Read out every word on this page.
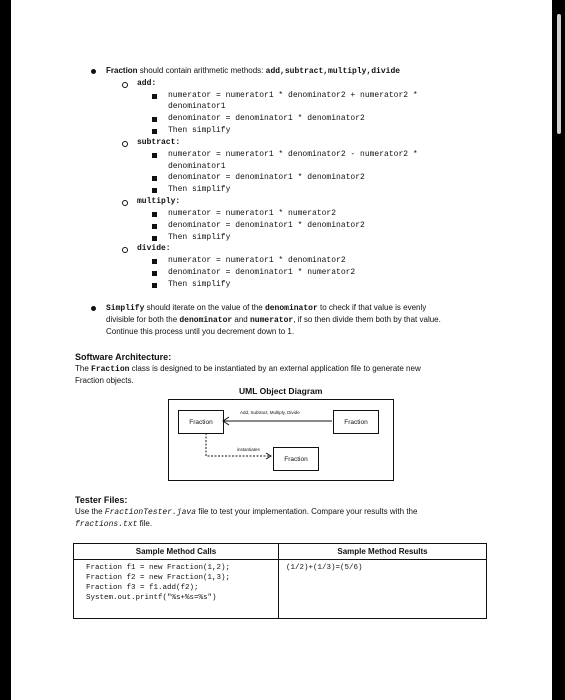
Fraction should contain arithmetic methods: add,subtract,multiply,divide
add:
numerator = numerator1 * denominator2 + numerator2 *
denominator1
denominator = denominator1 * denominator2
Then simplify
subtract:
numerator = numerator1 * denominator2 - numerator2 *
denominator1
denominator = denominator1 * denominator2
Then simplify
multiply:
numerator = numerator1 * numerator2
denominator = denominator1 * denominator2
Then simplify
divide:
numerator = numerator1 * denominator2
denominator = denominator1 * numerator2
Then simplify
Simplify should iterate on the value of the denominator to check if that value is evenly
divisible for both the denominator and numerator, if so then divide them both by that value.
Continue this process until you decrement down to 1.
Software Architecture:
The Fraction class is designed to be instantiated by an external application file to generate new
Fraction objects.
UML Object Diagram
Fraction	Fraction
Fraction
Add, Subtract, Multiply, Divide
instantiates
Tester Files:
Use the FractionTester.java file to test your implementation. Compare your results with the
fractions.txt file.
Sample Method Calls	Sample Method Results

Fraction f1 = new Fraction(1,2);
Fraction f2 = new Fraction(1,3);
Fraction f3 = f1.add(f2);
System.out.printf("%s+%s=%s")	(1/2)+(1/3)=(5/6)
